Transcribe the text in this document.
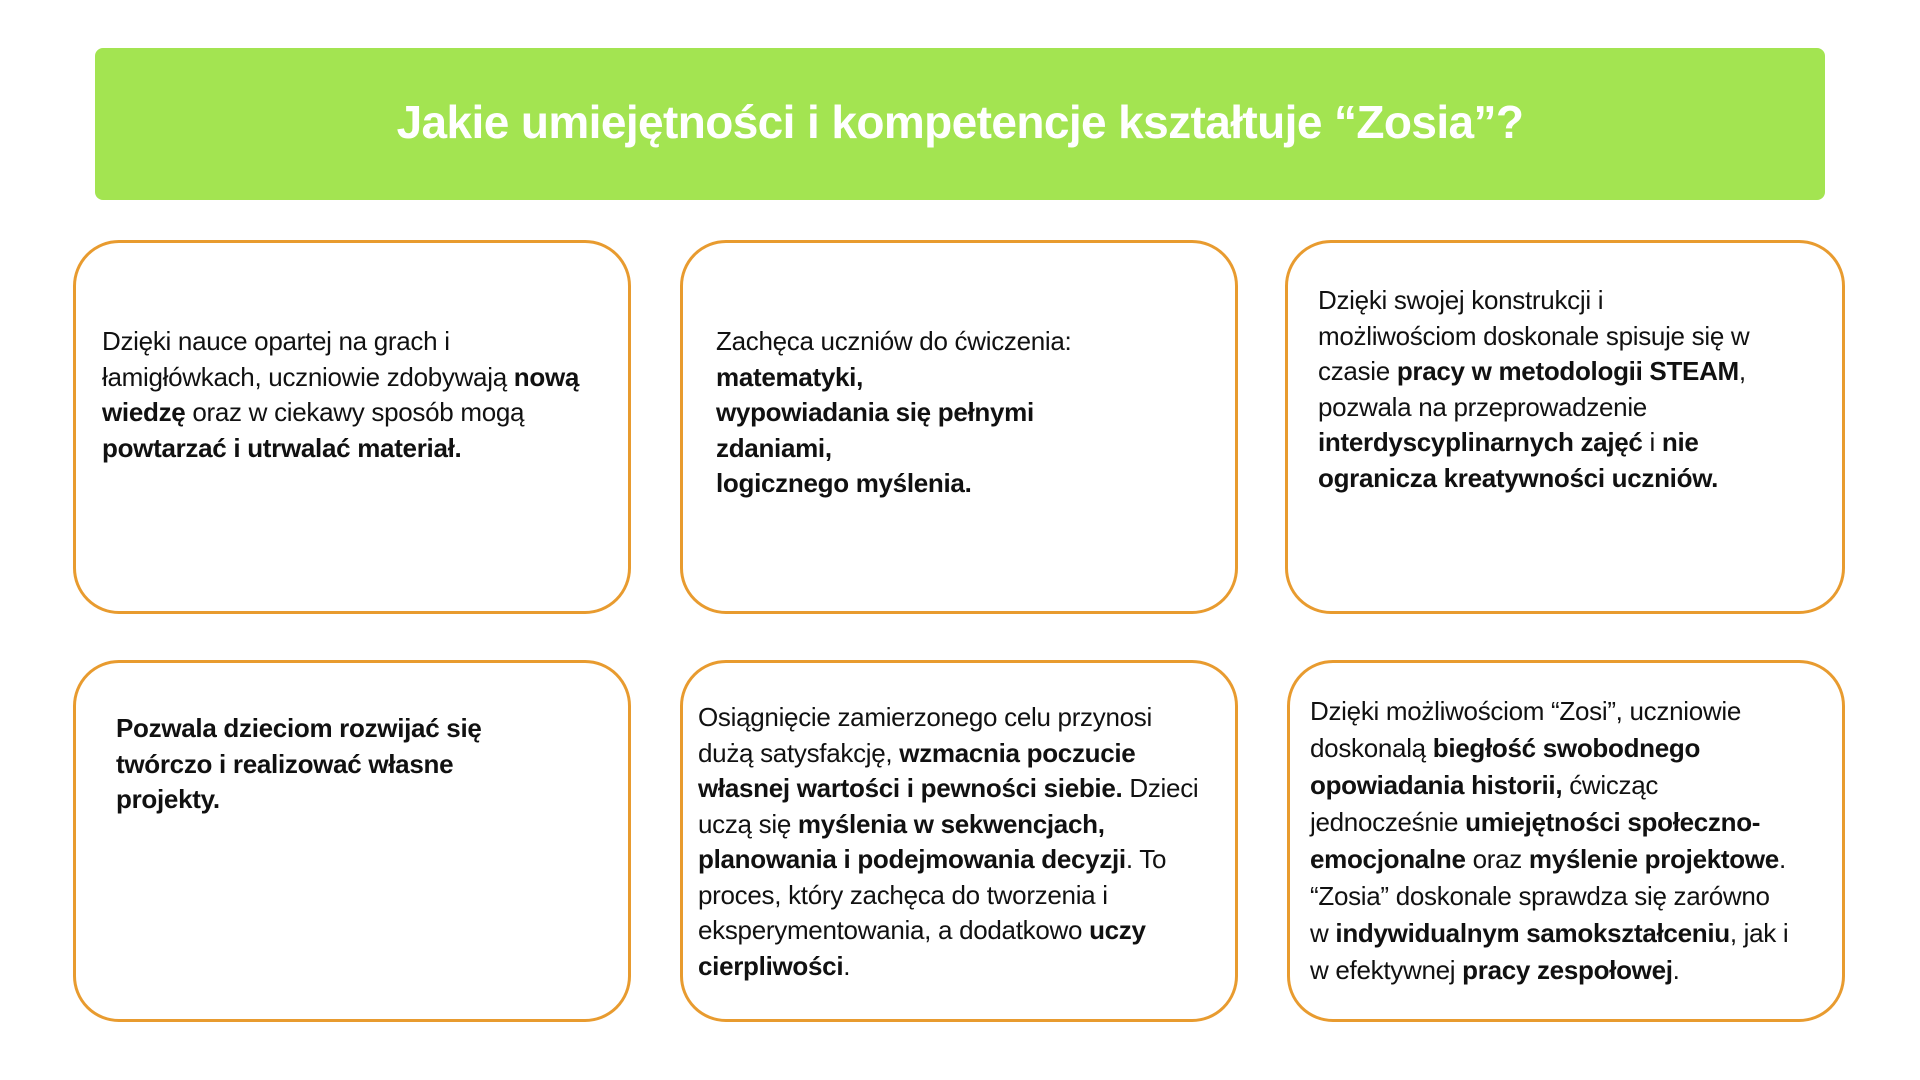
Jakie umiejętności i kompetencje kształtuje “Zosia”?
Dzięki nauce opartej na grach i
łamigłówkach, uczniowie zdobywają nową
wiedzę oraz w ciekawy sposób mogą
powtarzać i utrwalać materiał.
Zachęca uczniów do ćwiczenia:
matematyki,
wypowiadania się pełnymi
zdaniami,
logicznego myślenia.
Dzięki swojej konstrukcji i
możliwościom doskonale spisuje się w
czasie pracy w metodologii STEAM,
pozwala na przeprowadzenie
interdyscyplinarnych zajęć i nie
ogranicza kreatywności uczniów.
Pozwala dzieciom rozwijać się
twórczo i realizować własne
projekty.
Osiągnięcie zamierzonego celu przynosi
dużą satysfakcję, wzmacnia poczucie
własnej wartości i pewności siebie. Dzieci
uczą się myślenia w sekwencjach,
planowania i podejmowania decyzji. To
proces, który zachęca do tworzenia i
eksperymentowania, a dodatkowo uczy
cierpliwości.
Dzięki możliwościom “Zosi”, uczniowie
doskonalą biegłość swobodnego
opowiadania historii, ćwicząc
jednocześnie umiejętności społeczno-
emocjonalne oraz myślenie projektowe.
“Zosia” doskonale sprawdza się zarówno
w indywidualnym samokształceniu, jak i
w efektywnej pracy zespołowej.
